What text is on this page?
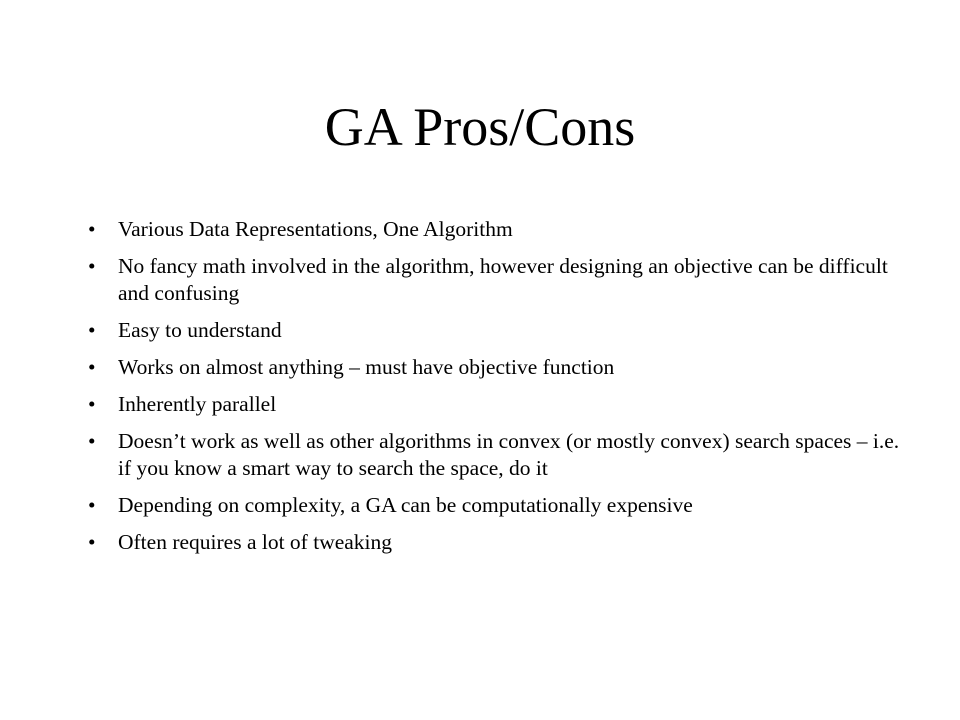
GA Pros/Cons
•	Various Data Representations, One Algorithm
•	No fancy math involved in the algorithm, however designing an objective can be difficult and confusing
•	Easy to understand
•	Works on almost anything – must have objective function
•	Inherently parallel
•	Doesn’t work as well as other algorithms in convex (or mostly convex) search spaces – i.e. if you know a smart way to search the space, do it
•	Depending on complexity, a GA can be computationally expensive
•	Often requires a lot of tweaking
